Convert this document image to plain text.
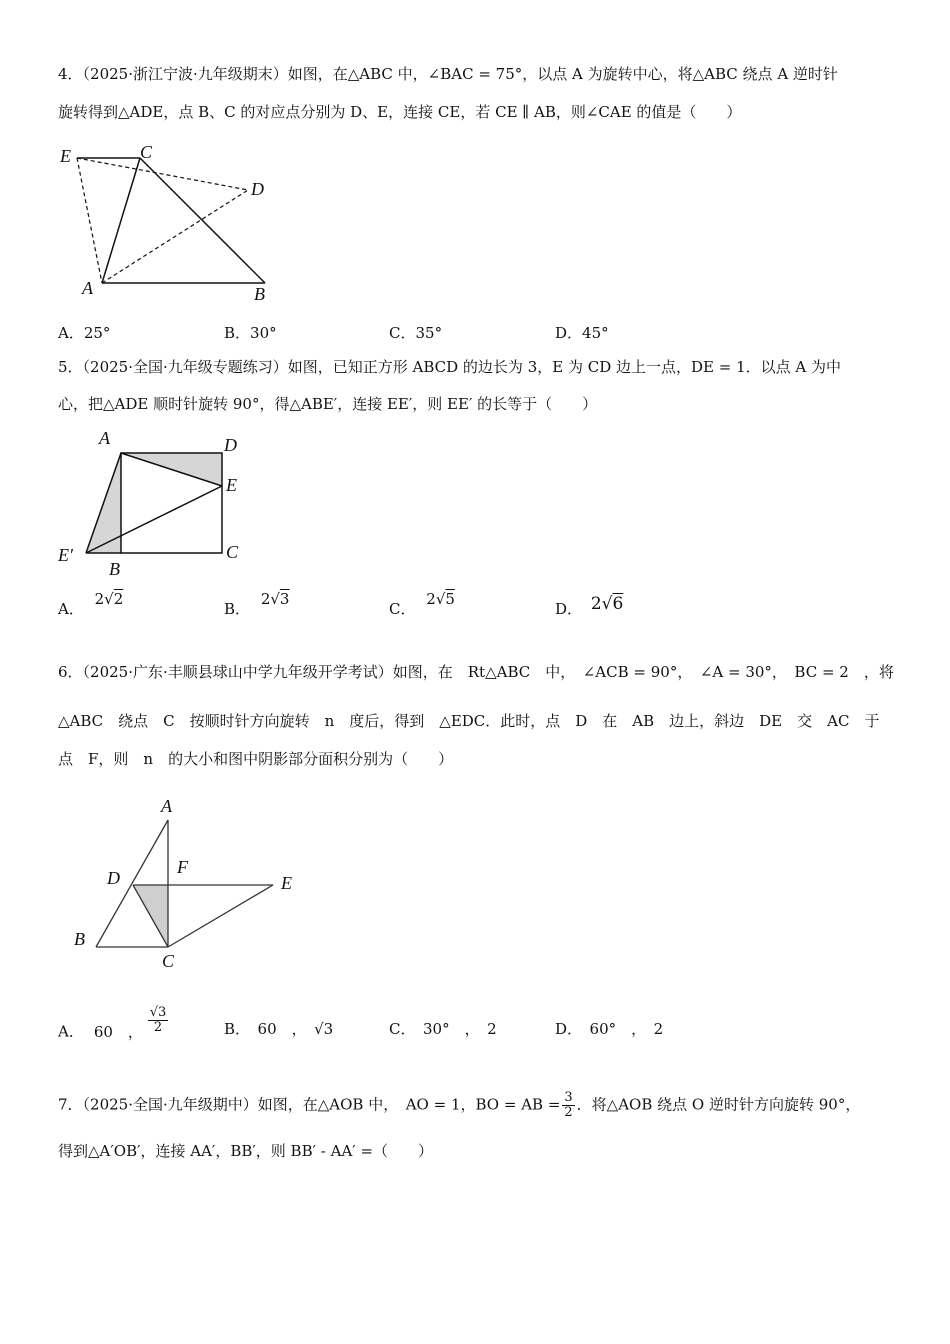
4．（2025·浙江宁波·九年级期末）如图，在△ABC 中，∠BAC = 75°，以点 A 为旋转中心，将△ABC 绕点 A 逆时针
旋转得到△ADE，点 B、C 的对应点分别为 D、E，连接 CE，若 CE ∥ AB，则∠CAE 的值是（　　）
E	C
D
A	B
A．25°	B．30°	C．35°	D．45°
5．（2025·全国·九年级专题练习）如图，已知正方形 ABCD 的边长为 3，E 为 CD 边上一点，DE = 1．以点 A 为中
心，把△ADE 顺时针旋转 90°，得△ABE′，连接 EE′，则 EE′ 的长等于（　　）
A	D
E
E′
B
C
A． 2√2
B． 2√3
C． 2√5
D． 2√6
6．（2025·广东·丰顺县球山中学九年级开学考试）如图，在　Rt△ABC　中，　∠ACB = 90°，　∠A = 30°，　BC = 2　，将
△ABC　绕点　C　按顺时针方向旋转　n　度后，得到　△EDC．此时，点　D　在　AB　边上，斜边　DE　交　AC　于
点　F，则　n　的大小和图中阴影部分面积分别为（　　）
A
D
F
E
B
C
A． 60　， $\frac{√3}{2}$	B．　60　，　√3	C．　30°　，　2	D．　60°　，　2
7．（2025·全国·九年级期中）如图，在△AOB 中，　AO = 1，BO = AB = $\frac{3}{2}$ ．将△AOB 绕点 O 逆时针方向旋转 90°，
得到△A′OB′，连接 AA′，BB′，则 BB′ - AA′ =（　　）
